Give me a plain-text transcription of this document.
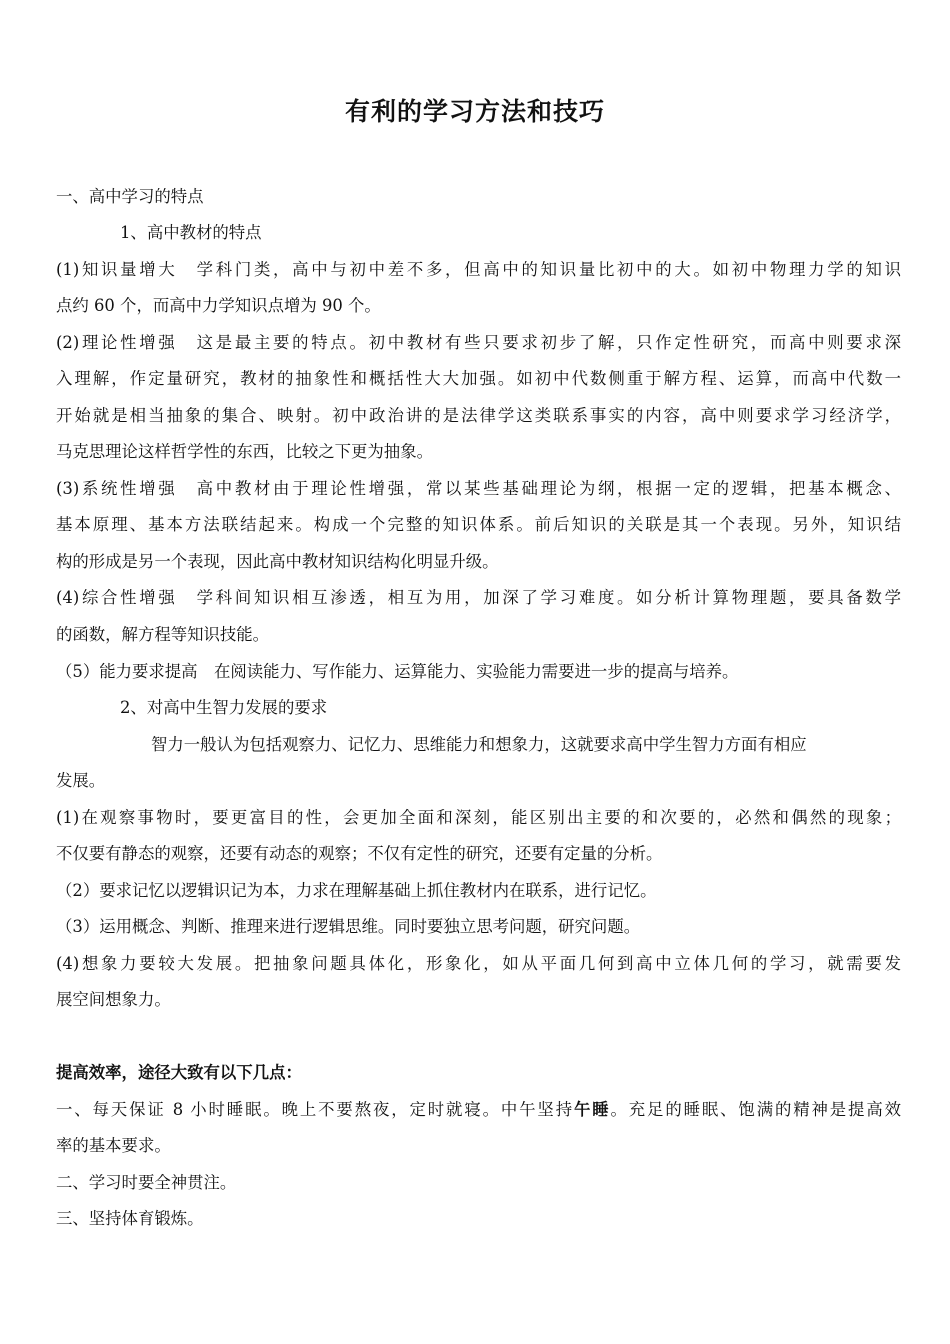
有利的学习方法和技巧
一、高中学习的特点
1、高中教材的特点
(1)知识量增大　学科门类，高中与初中差不多，但高中的知识量比初中的大。如初中物理力学的知识
点约 60 个，而高中力学知识点增为 90 个。
(2)理论性增强　这是最主要的特点。初中教材有些只要求初步了解，只作定性研究，而高中则要求深
入理解，作定量研究，教材的抽象性和概括性大大加强。如初中代数侧重于解方程、运算，而高中代数一
开始就是相当抽象的集合、映射。初中政治讲的是法律学这类联系事实的内容，高中则要求学习经济学，
马克思理论这样哲学性的东西，比较之下更为抽象。
(3)系统性增强　高中教材由于理论性增强，常以某些基础理论为纲，根据一定的逻辑，把基本概念、
基本原理、基本方法联结起来。构成一个完整的知识体系。前后知识的关联是其一个表现。另外，知识结
构的形成是另一个表现，因此高中教材知识结构化明显升级。
(4)综合性增强　学科间知识相互渗透，相互为用，加深了学习难度。如分析计算物理题，要具备数学
的函数，解方程等知识技能。
（5）能力要求提高　在阅读能力、写作能力、运算能力、实验能力需要进一步的提高与培养。
2、对高中生智力发展的要求
智力一般认为包括观察力、记忆力、思维能力和想象力，这就要求高中学生智力方面有相应
发展。
(1)在观察事物时，要更富目的性，会更加全面和深刻，能区别出主要的和次要的，必然和偶然的现象；
不仅要有静态的观察，还要有动态的观察；不仅有定性的研究，还要有定量的分析。
（2）要求记忆以逻辑识记为本，力求在理解基础上抓住教材内在联系，进行记忆。
（3）运用概念、判断、推理来进行逻辑思维。同时要独立思考问题，研究问题。
(4)想象力要较大发展。把抽象问题具体化，形象化，如从平面几何到高中立体几何的学习，就需要发
展空间想象力。
提高效率，途径大致有以下几点：
一、每天保证 8 小时睡眠。晚上不要熬夜，定时就寝。中午坚持午睡。充足的睡眠、饱满的精神是提高效
率的基本要求。
二、学习时要全神贯注。
三、坚持体育锻炼。
